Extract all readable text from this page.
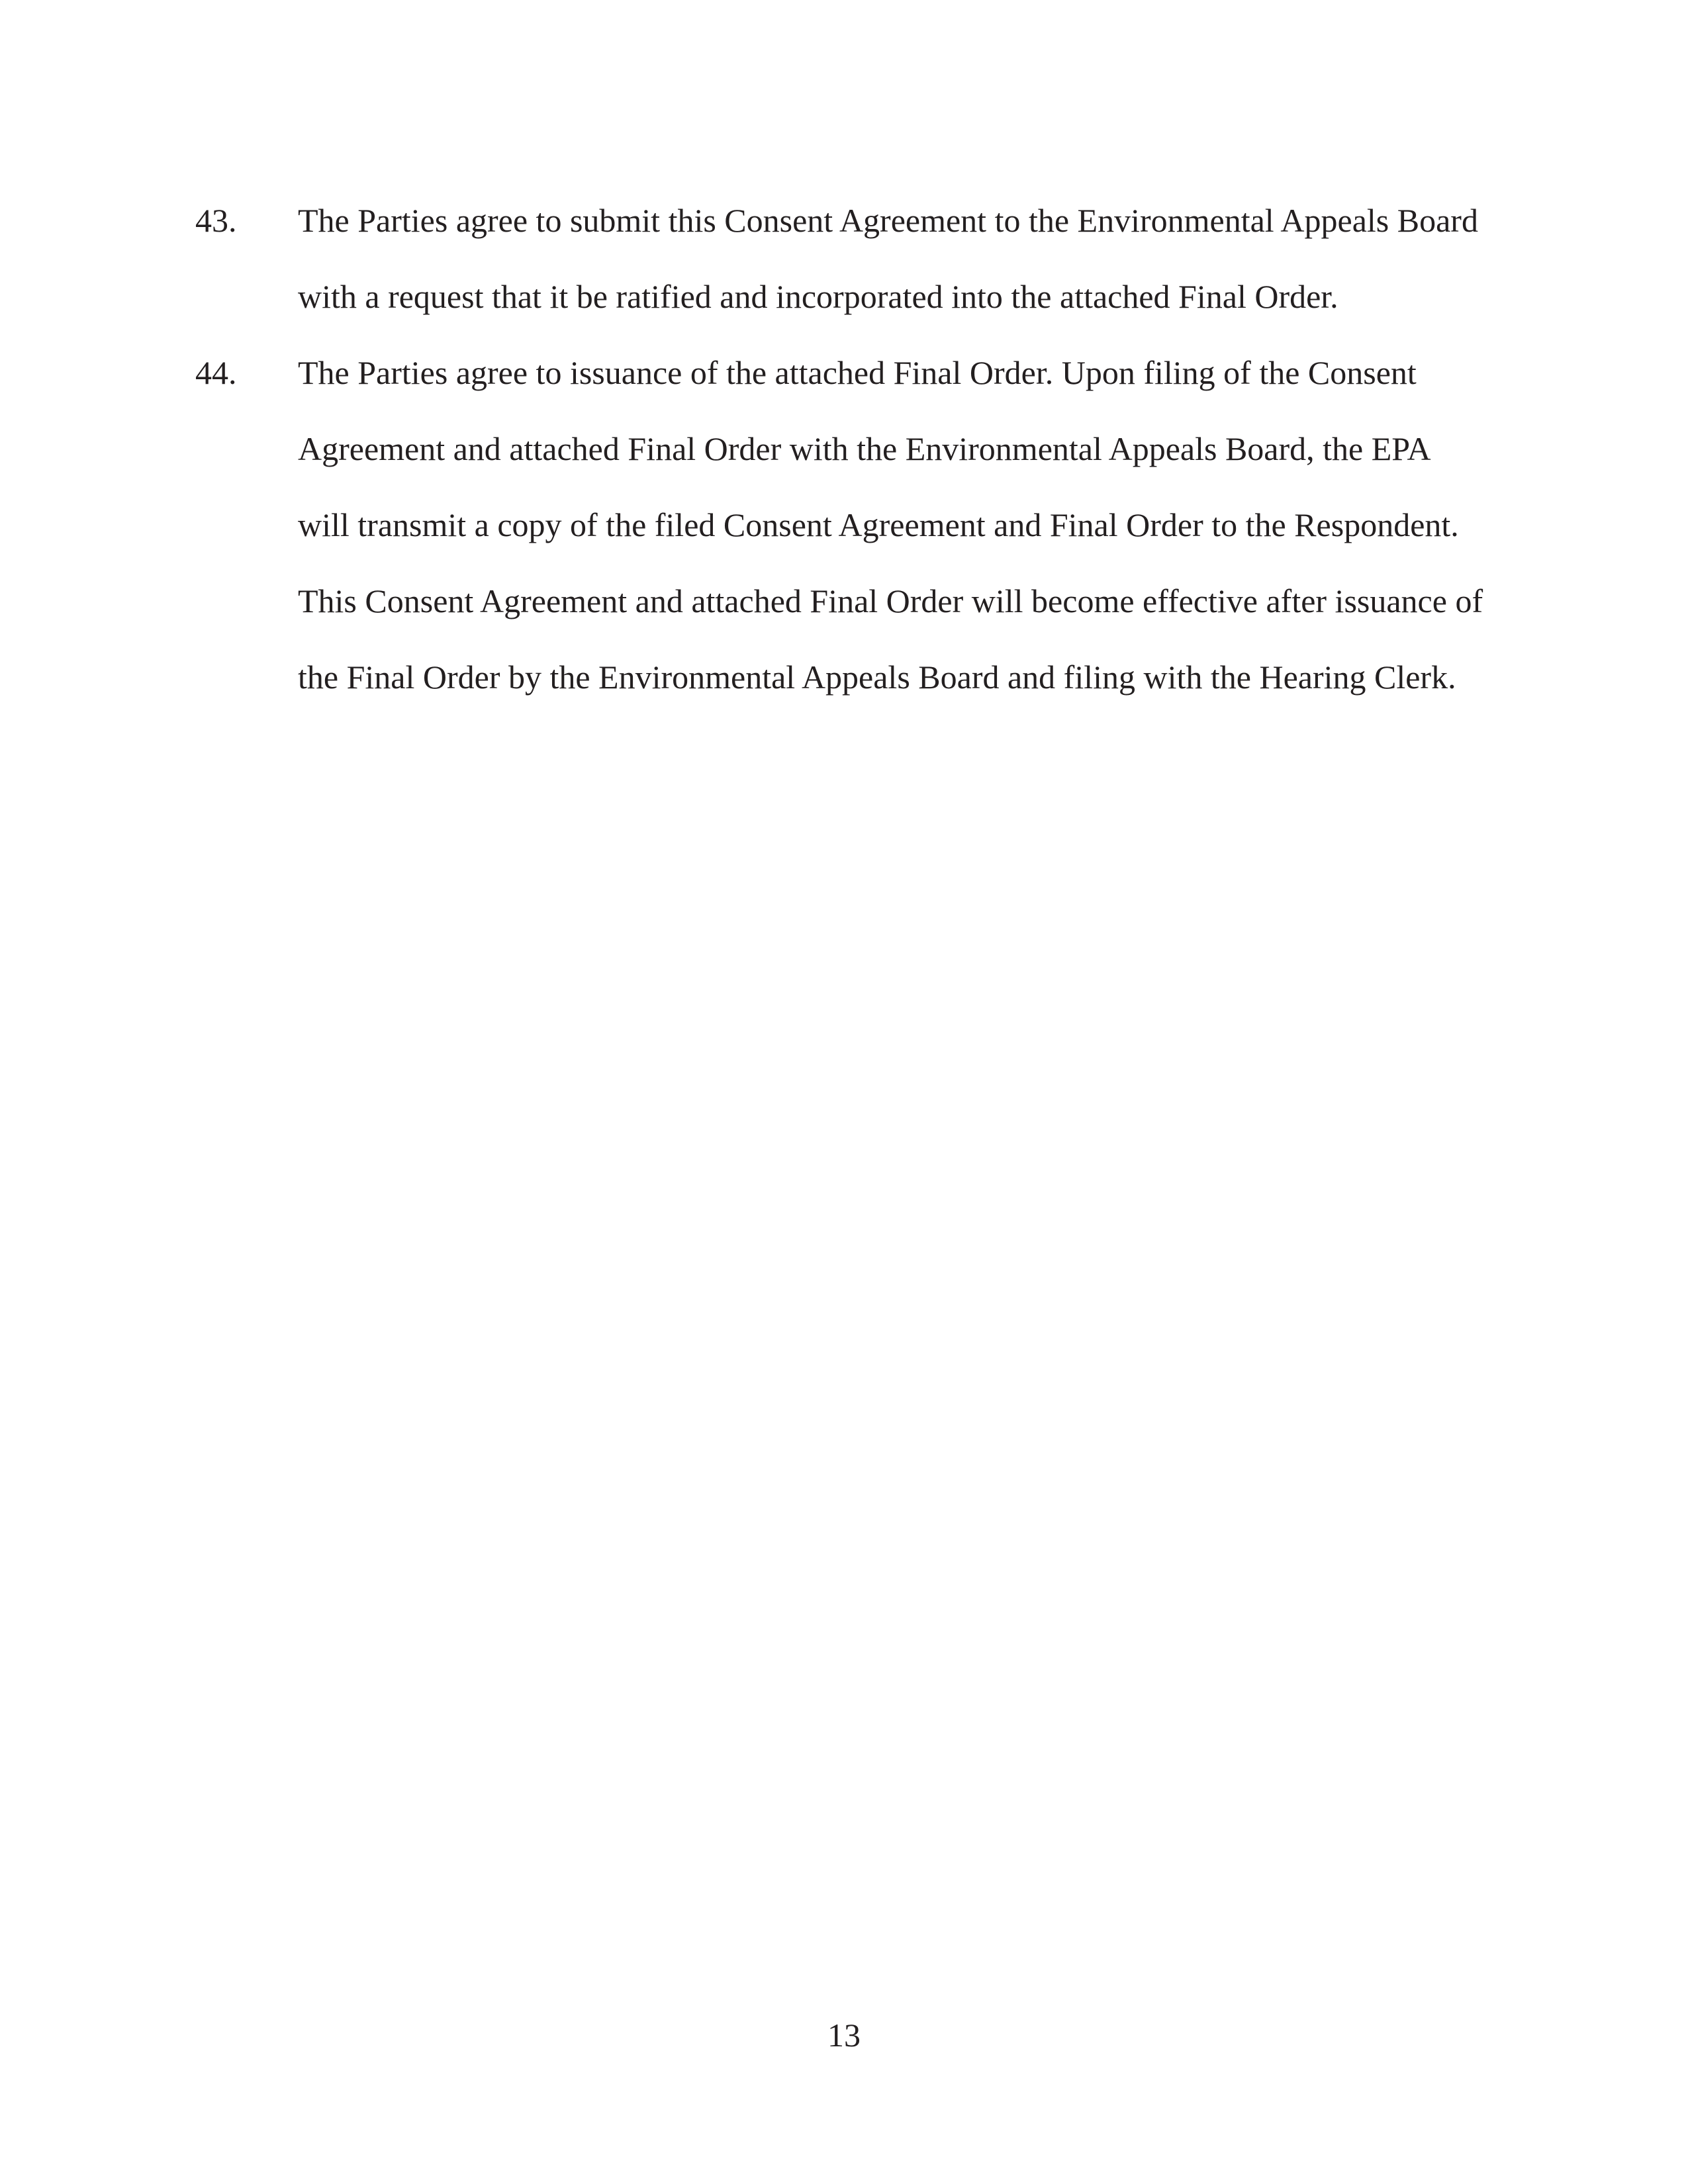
43. The Parties agree to submit this Consent Agreement to the Environmental Appeals Board
with a request that it be ratified and incorporated into the attached Final Order.
44. The Parties agree to issuance of the attached Final Order. Upon filing of the Consent
Agreement and attached Final Order with the Environmental Appeals Board, the EPA
will transmit a copy of the filed Consent Agreement and Final Order to the Respondent.
This Consent Agreement and attached Final Order will become effective after issuance of
the Final Order by the Environmental Appeals Board and filing with the Hearing Clerk.
13
